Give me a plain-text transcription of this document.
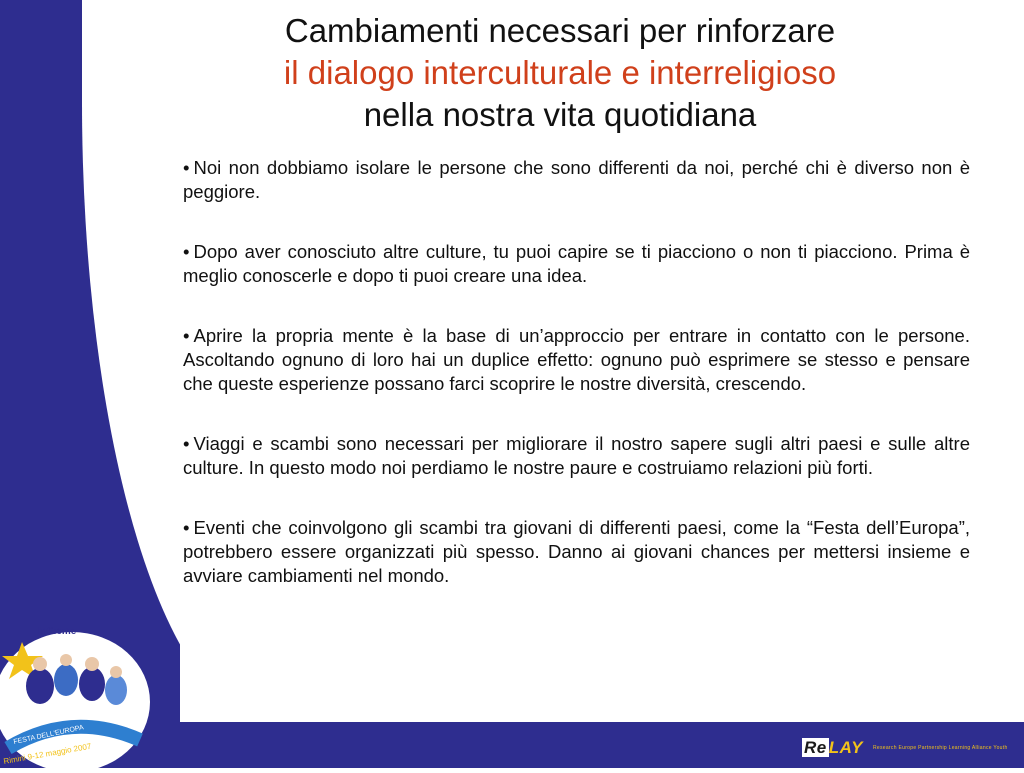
Cambiamenti necessari per rinforzare
il dialogo interculturale e interreligioso
nella nostra vita quotidiana

• Noi non dobbiamo isolare le persone che sono differenti da noi, perché chi è diverso non è peggiore.

• Dopo aver conosciuto altre culture, tu puoi capire se ti piacciono o non ti piacciono. Prima è meglio conoscerle e dopo ti puoi creare una idea.

• Aprire la propria mente è la base di un’approccio per entrare in contatto con le persone. Ascoltando ognuno di loro hai un duplice effetto: ognuno può esprimere se stesso e pensare che queste esperienze possano farci scoprire le nostre diversità, crescendo.

• Viaggi e scambi sono necessari per migliorare il nostro sapere sugli altri paesi e sulle altre culture. In questo modo noi perdiamo le nostre paure e costruiamo relazioni più forti.

• Eventi che coinvolgono gli scambi tra giovani di differenti paesi, come la “Festa dell’Europa”, potrebbero essere organizzati più spesso. Danno ai giovani chances per mettersi insieme e avviare cambiamenti nel mondo.

InSieme
FESTA DELL'EUROPA
Rimini 9-12 maggio 2007	Re LAY Research Europe Partnership Learning Alliance Youth
